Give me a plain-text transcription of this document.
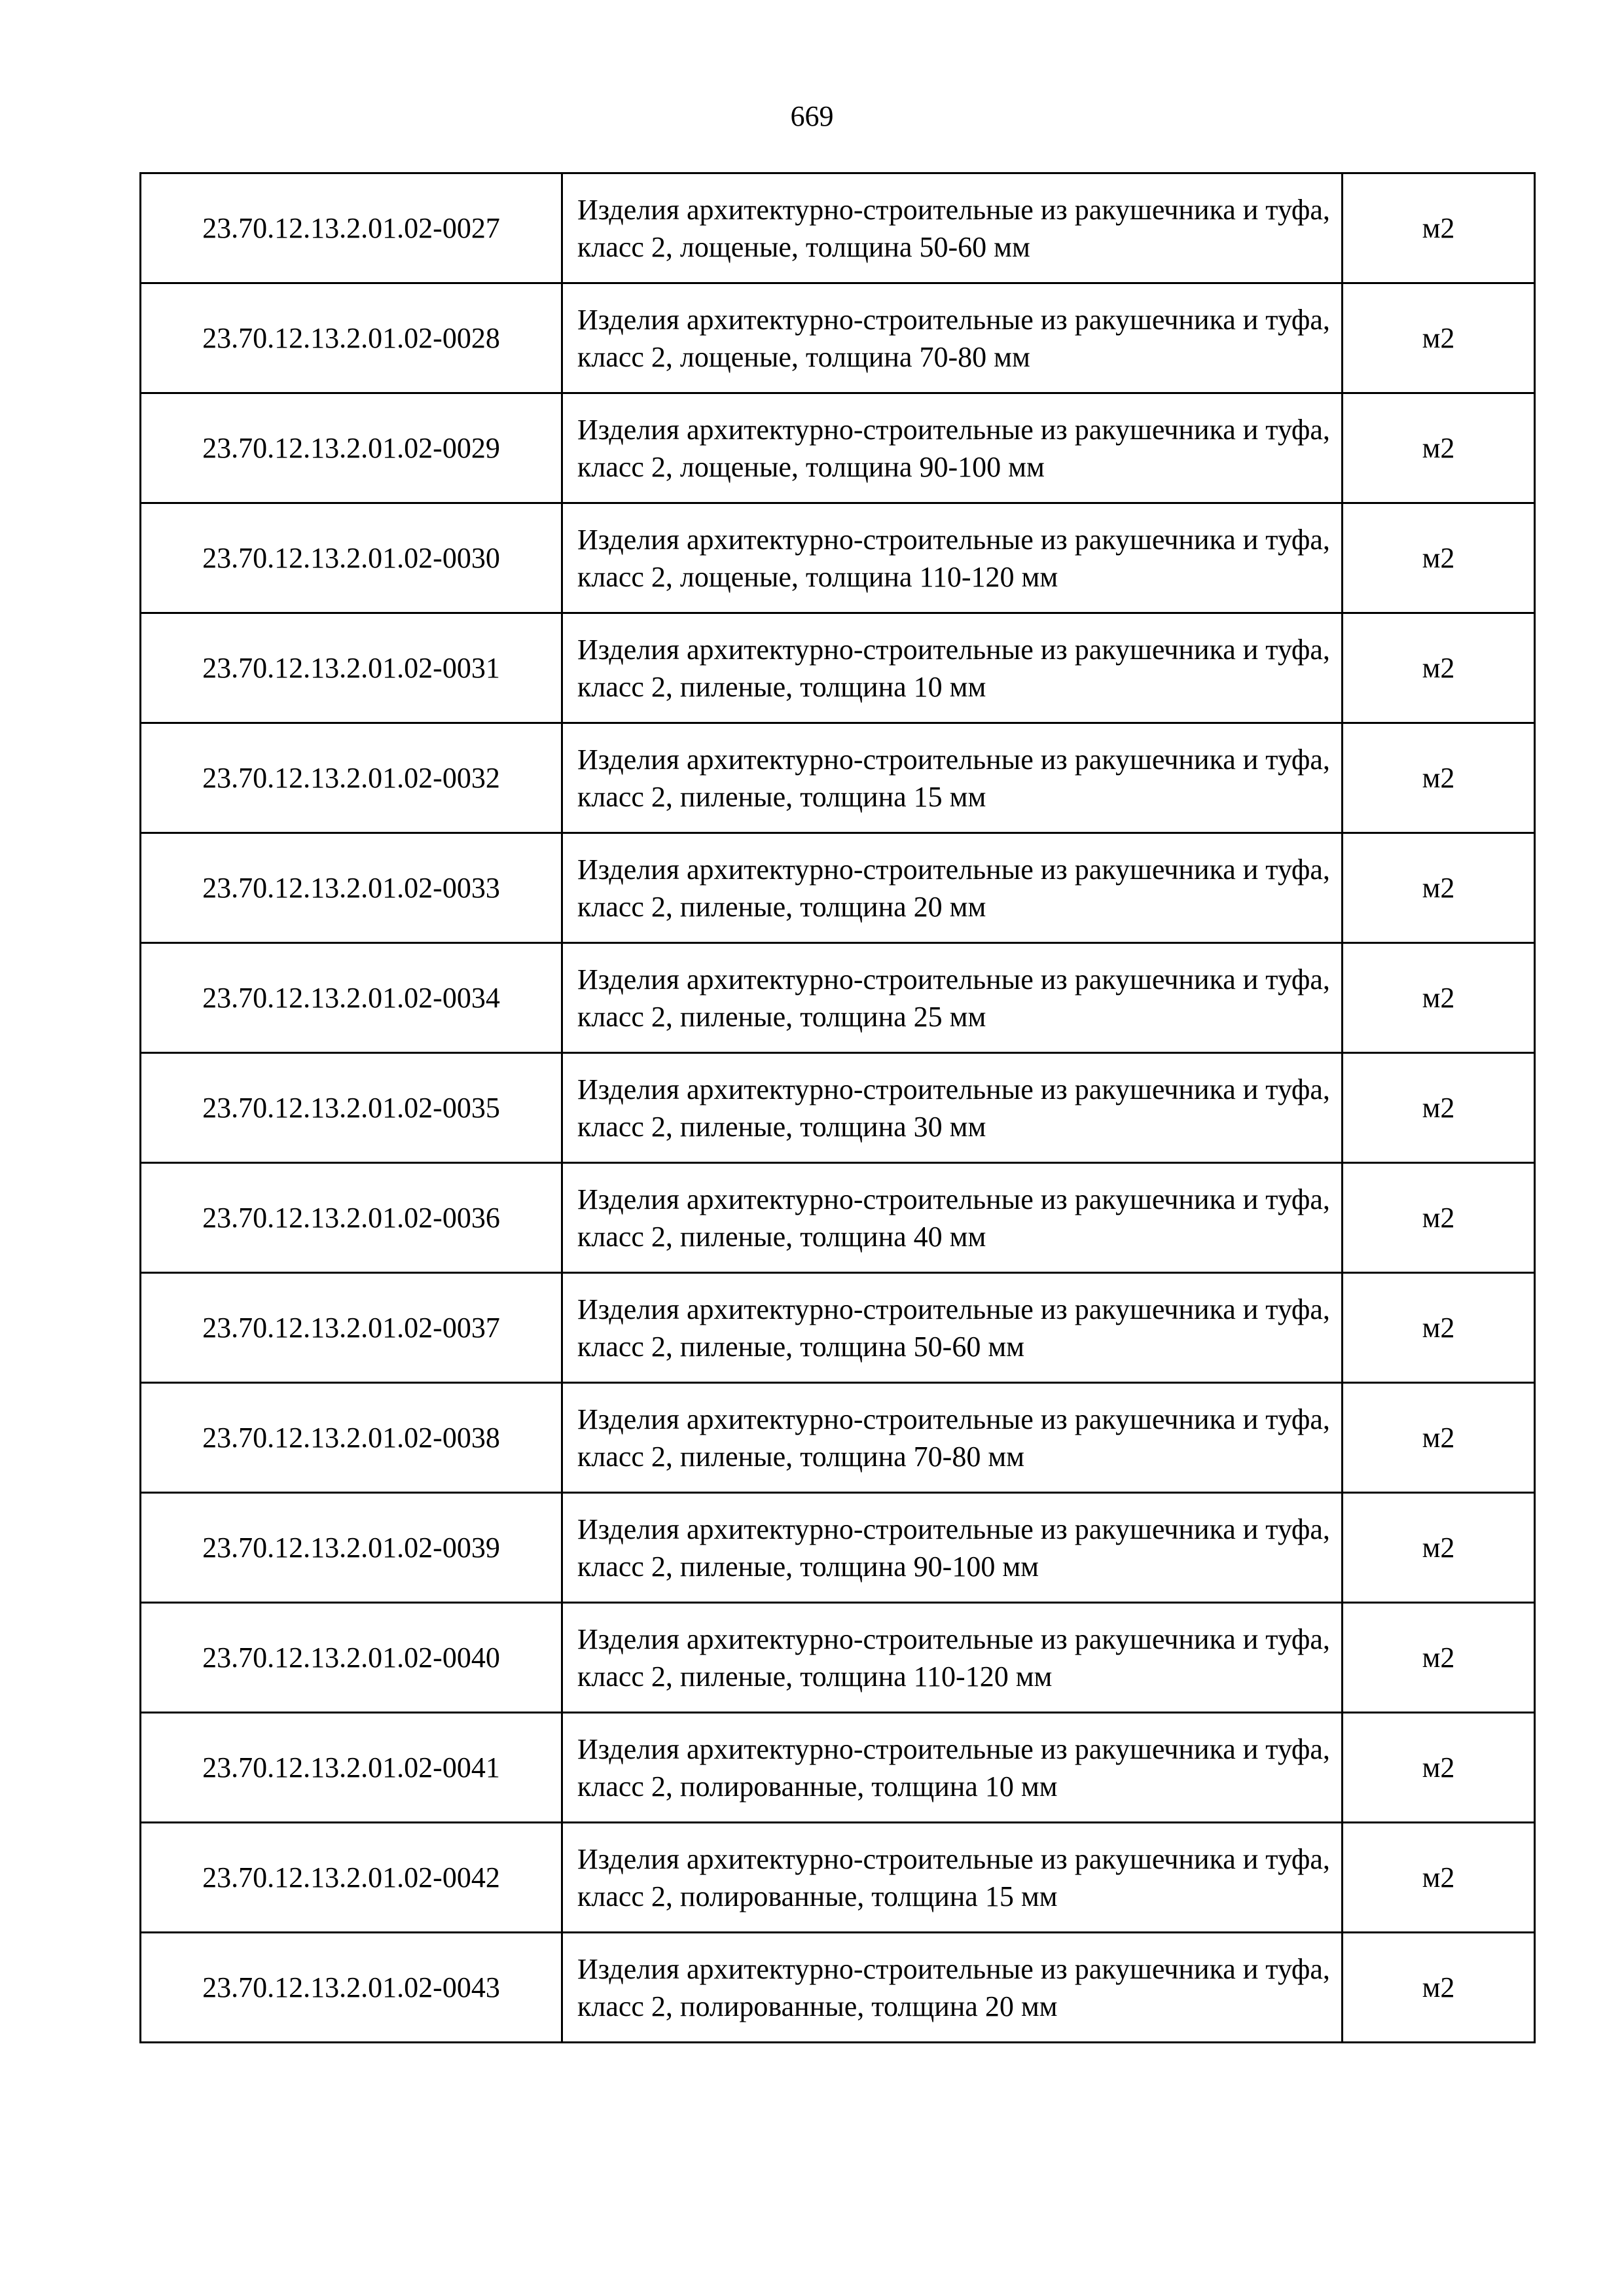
669
23.70.12.13.2.01.02-0027	Изделия архитектурно-строительные из ракушечника и туфа, класс 2, лощеные, толщина 50-60 мм	м2
23.70.12.13.2.01.02-0028	Изделия архитектурно-строительные из ракушечника и туфа, класс 2, лощеные, толщина 70-80 мм	м2
23.70.12.13.2.01.02-0029	Изделия архитектурно-строительные из ракушечника и туфа, класс 2, лощеные, толщина 90-100 мм	м2
23.70.12.13.2.01.02-0030	Изделия архитектурно-строительные из ракушечника и туфа, класс 2, лощеные, толщина 110-120 мм	м2
23.70.12.13.2.01.02-0031	Изделия архитектурно-строительные из ракушечника и туфа, класс 2, пиленые, толщина 10 мм	м2
23.70.12.13.2.01.02-0032	Изделия архитектурно-строительные из ракушечника и туфа, класс 2, пиленые, толщина 15 мм	м2
23.70.12.13.2.01.02-0033	Изделия архитектурно-строительные из ракушечника и туфа, класс 2, пиленые, толщина 20 мм	м2
23.70.12.13.2.01.02-0034	Изделия архитектурно-строительные из ракушечника и туфа, класс 2, пиленые, толщина 25 мм	м2
23.70.12.13.2.01.02-0035	Изделия архитектурно-строительные из ракушечника и туфа, класс 2, пиленые, толщина 30 мм	м2
23.70.12.13.2.01.02-0036	Изделия архитектурно-строительные из ракушечника и туфа, класс 2, пиленые, толщина 40 мм	м2
23.70.12.13.2.01.02-0037	Изделия архитектурно-строительные из ракушечника и туфа, класс 2, пиленые, толщина 50-60 мм	м2
23.70.12.13.2.01.02-0038	Изделия архитектурно-строительные из ракушечника и туфа, класс 2, пиленые, толщина 70-80 мм	м2
23.70.12.13.2.01.02-0039	Изделия архитектурно-строительные из ракушечника и туфа, класс 2, пиленые, толщина 90-100 мм	м2
23.70.12.13.2.01.02-0040	Изделия архитектурно-строительные из ракушечника и туфа, класс 2, пиленые, толщина 110-120 мм	м2
23.70.12.13.2.01.02-0041	Изделия архитектурно-строительные из ракушечника и туфа, класс 2, полированные, толщина 10 мм	м2
23.70.12.13.2.01.02-0042	Изделия архитектурно-строительные из ракушечника и туфа, класс 2, полированные, толщина 15 мм	м2
23.70.12.13.2.01.02-0043	Изделия архитектурно-строительные из ракушечника и туфа, класс 2, полированные, толщина 20 мм	м2
